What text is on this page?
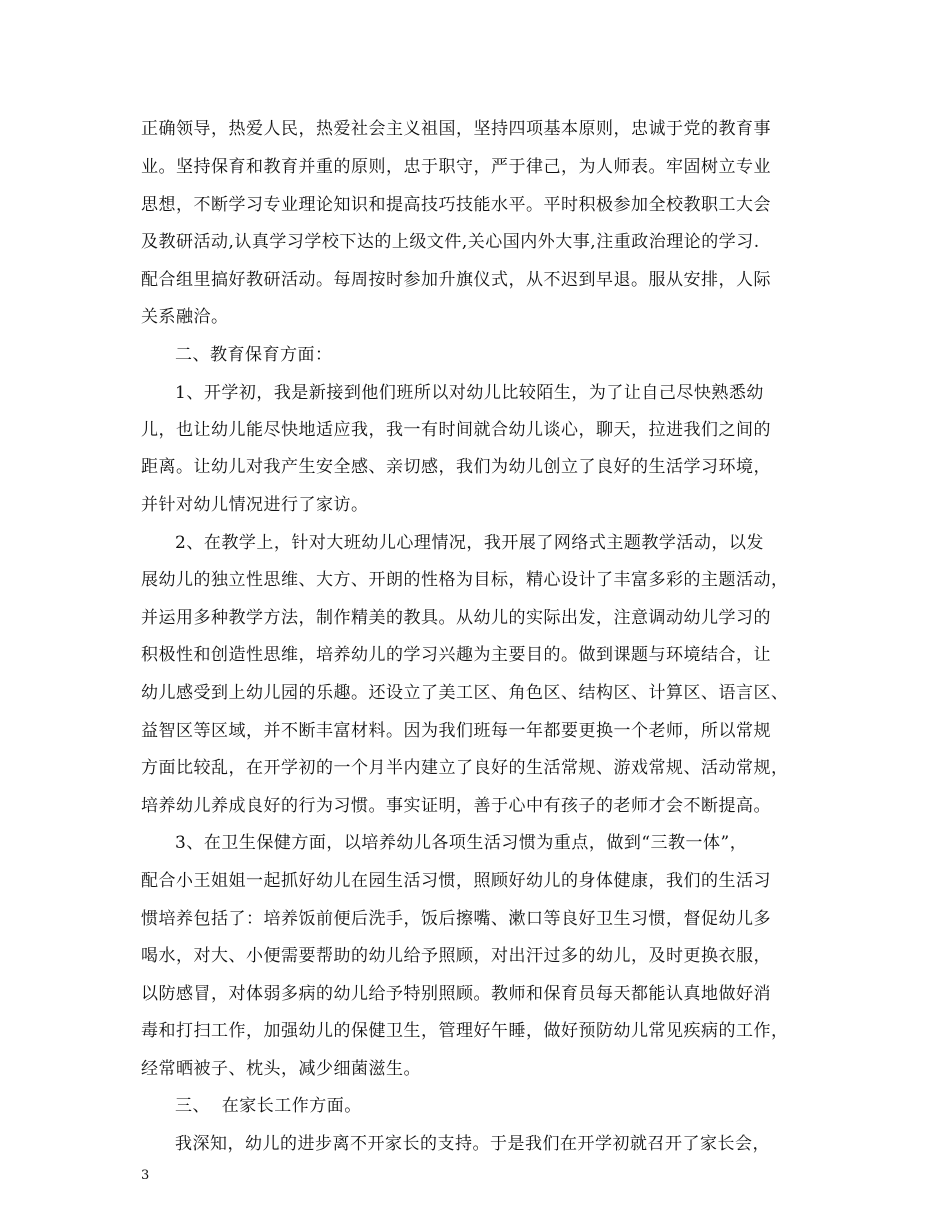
正确领导，热爱人民，热爱社会主义祖国，坚持四项基本原则，忠诚于党的教育事
业。坚持保育和教育并重的原则，忠于职守，严于律己，为人师表。牢固树立专业
思想，不断学习专业理论知识和提高技巧技能水平。平时积极参加全校教职工大会
及教研活动,认真学习学校下达的上级文件,关心国内外大事,注重政治理论的学习.
配合组里搞好教研活动。每周按时参加升旗仪式，从不迟到早退。服从安排，人际
关系融洽。
二、教育保育方面：
1、开学初，我是新接到他们班所以对幼儿比较陌生，为了让自己尽快熟悉幼
儿，也让幼儿能尽快地适应我，我一有时间就合幼儿谈心，聊天，拉进我们之间的
距离。让幼儿对我产生安全感、亲切感，我们为幼儿创立了良好的生活学习环境，
并针对幼儿情况进行了家访。
2、在教学上，针对大班幼儿心理情况，我开展了网络式主题教学活动，以发
展幼儿的独立性思维、大方、开朗的性格为目标，精心设计了丰富多彩的主题活动，
并运用多种教学方法，制作精美的教具。从幼儿的实际出发，注意调动幼儿学习的
积极性和创造性思维，培养幼儿的学习兴趣为主要目的。做到课题与环境结合，让
幼儿感受到上幼儿园的乐趣。还设立了美工区、角色区、结构区、计算区、语言区、
益智区等区域，并不断丰富材料。因为我们班每一年都要更换一个老师，所以常规
方面比较乱，在开学初的一个月半内建立了良好的生活常规、游戏常规、活动常规，
培养幼儿养成良好的行为习惯。事实证明，善于心中有孩子的老师才会不断提高。
3、在卫生保健方面，以培养幼儿各项生活习惯为重点，做到“三教一体”，
配合小王姐姐一起抓好幼儿在园生活习惯，照顾好幼儿的身体健康，我们的生活习
惯培养包括了：培养饭前便后洗手，饭后擦嘴、漱口等良好卫生习惯，督促幼儿多
喝水，对大、小便需要帮助的幼儿给予照顾，对出汗过多的幼儿，及时更换衣服，
以防感冒，对体弱多病的幼儿给予特别照顾。教师和保育员每天都能认真地做好消
毒和打扫工作，加强幼儿的保健卫生，管理好午睡，做好预防幼儿常见疾病的工作，
经常晒被子、枕头，减少细菌滋生。
三、  在家长工作方面。
我深知，幼儿的进步离不开家长的支持。于是我们在开学初就召开了家长会，
3
